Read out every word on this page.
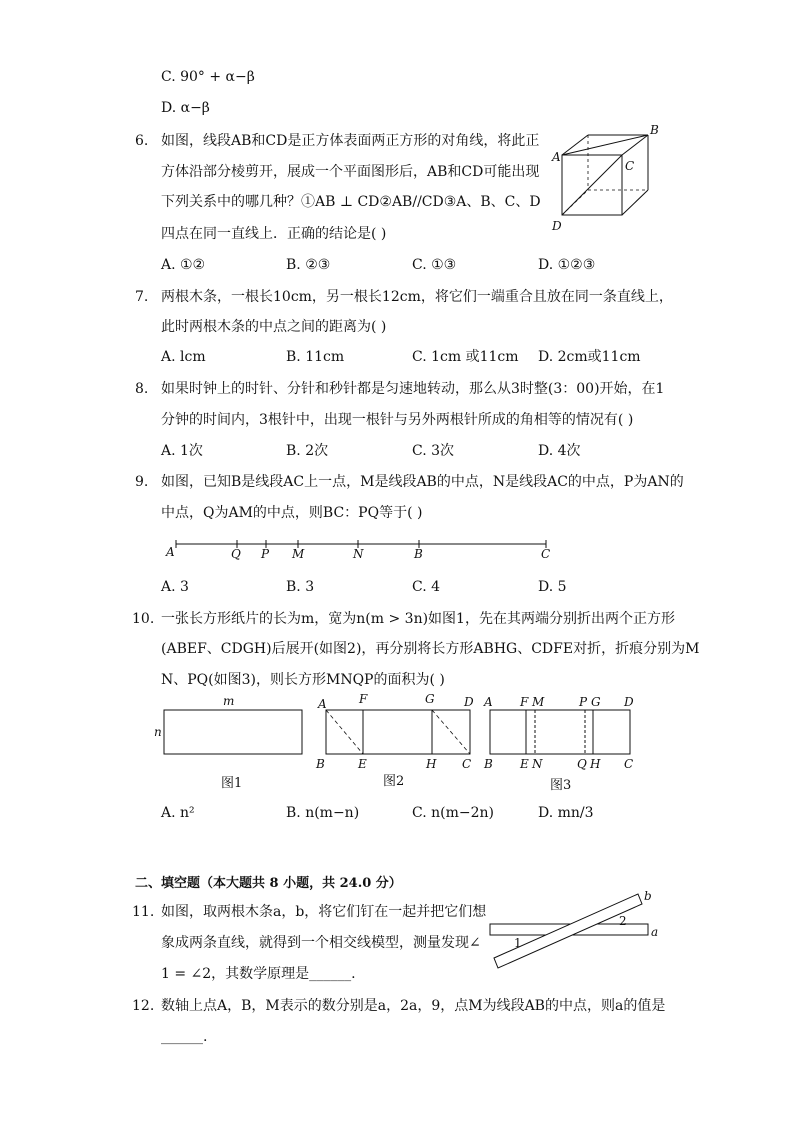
C. 90° + α−β
D. α−β
6. 如图，线段AB和CD是正方体表面两正方形的对角线，将此正
方体沿部分棱剪开，展成一个平面图形后，AB和CD可能出现
下列关系中的哪几种？①AB ⊥ CD②AB//CD③A、B、C、D
四点在同一直线上．正确的结论是( )
A
B
C
D
A. ①②	B. ②③	C. ①③	D. ①②③
7. 两根木条，一根长10cm，另一根长12cm，将它们一端重合且放在同一条直线上，
此时两根木条的中点之间的距离为( )
A. lcm	B. 11cm	C. 1cm 或11cm D. 2cm或11cm
8. 如果时钟上的时针、分针和秒针都是匀速地转动，那么从3时整(3：00)开始，在1
分钟的时间内，3根针中，出现一根针与另外两根针所成的角相等的情况有( )
A. 1次	B. 2次	C. 3次	D. 4次
9. 如图，已知B是线段AC上一点，M是线段AB的中点，N是线段AC的中点，P为AN的
中点，Q为AM的中点，则BC：PQ等于( )
A	Q P M	N	B	C
A. 3	B. 3	C. 4	D. 5
10. 一张长方形纸片的长为m，宽为n(m > 3n)如图1，先在其两端分别折出两个正方形
(ABEF、CDGH)后展开(如图2)，再分别将长方形ABHG、CDFE对折，折痕分别为M
N、PQ(如图3)，则长方形MNQP的面积为( )
m
n
图1
A	F	G D
B	E	H C
图2
A F M	P G D
B E N	Q H C
图3
A. n²	B. n(m−n)	C. n(m−2n)	D. mn/3
二、填空题（本大题共 8 小题，共 24.0 分）
11. 如图，取两根木条a，b，将它们钉在一起并把它们想
象成两条直线，就得到一个相交线模型，测量发现∠
1 = ∠2，其数学原理是______.
1
2
a
b
12. 数轴上点A，B，M表示的数分别是a，2a，9，点M为线段AB的中点，则a的值是
______.
